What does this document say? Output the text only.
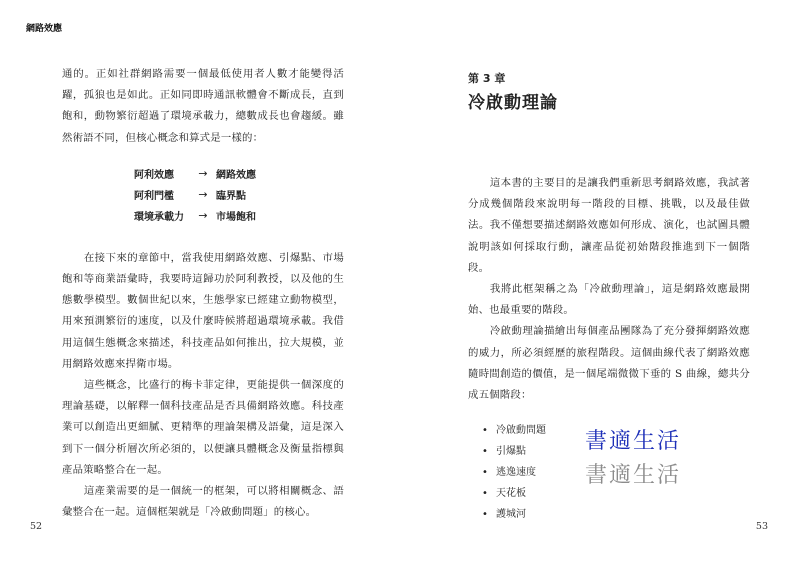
網路效應

通的。正如社群網路需要一個最低使用者人數才能變得活躍，孤狼也是如此。正如同即時通訊軟體會不斷成長，直到飽和，動物繁衍超過了環境承載力，總數成長也會趨緩。雖然術語不同，但核心概念和算式是一樣的：

阿利效應	→ 網路效應
阿利門檻	→ 臨界點
環境承載力	→ 市場飽和

在接下來的章節中，當我使用網路效應、引爆點、市場飽和等商業語彙時，我要時這歸功於阿利教授，以及他的生態數學模型。數個世紀以來，生態學家已經建立動物模型，用來預測繁衍的速度，以及什麼時候將超過環境承載。我借用這個生態概念來描述，科技產品如何推出，拉大規模，並用網路效應來捍衛市場。

這些概念，比盛行的梅卡菲定律，更能提供一個深度的理論基礎，以解釋一個科技產品是否具備網路效應。科技產業可以創造出更細膩、更精準的理論架構及語彙，這是深入到下一個分析層次所必須的，以便讓具體概念及衡量指標與產品策略整合在一起。

這產業需要的是一個統一的框架，可以將相關概念、語彙整合在一起。這個框架就是「冷啟動問題」的核心。

52
第 3 章
冷啟動理論

這本書的主要目的是讓我們重新思考網路效應，我試著分成幾個階段來說明每一階段的目標、挑戰，以及最佳做法。我不僅想要描述網路效應如何形成、演化，也試圖具體說明該如何採取行動，讓產品從初始階段推進到下一個階段。

我將此框架稱之為「冷啟動理論」，這是網路效應最開始、也最重要的階段。

冷啟動理論描繪出每個產品團隊為了充分發揮網路效應的威力，所必須經歷的旅程階段。這個曲線代表了網路效應隨時間創造的價值，是一個尾端微微下垂的 S 曲線，總共分成五個階段：

• 冷啟動問題
• 引爆點
• 逃逸速度
• 天花板
• 護城河
53
書適生活
書適生活
